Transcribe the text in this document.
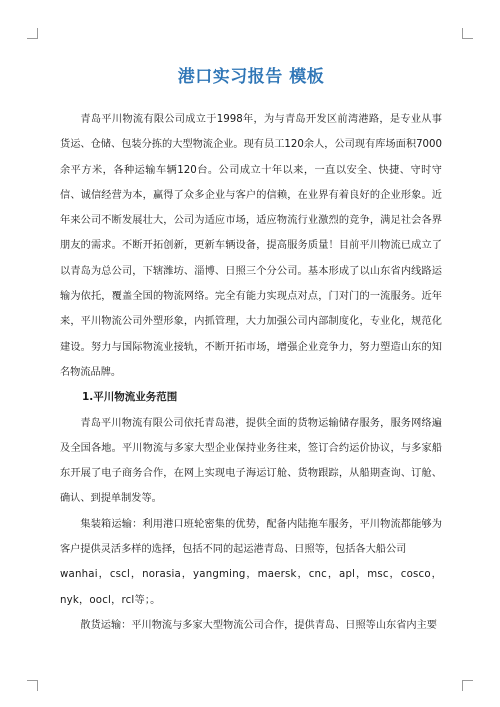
港口实习报告 模板

青岛平川物流有限公司成立于1998年，为与青岛开发区前湾港路，是专业从事货运、仓储、包装分拣的大型物流企业。现有员工120余人，公司现有库场面积7000余平方米，各种运输车辆120台。公司成立十年以来，一直以安全、快捷、守时守信、诚信经营为本，赢得了众多企业与客户的信赖，在业界有着良好的企业形象。近年来公司不断发展壮大，公司为适应市场，适应物流行业激烈的竞争，满足社会各界朋友的需求。不断开拓创新，更新车辆设备，提高服务质量！目前平川物流已成立了以青岛为总公司，下辖潍坊、淄博、日照三个分公司。基本形成了以山东省内线路运输为依托，覆盖全国的物流网络。完全有能力实现点对点，门对门的一流服务。近年来，平川物流公司外塑形象，内抓管理，大力加强公司内部制度化，专业化，规范化建设。努力与国际物流业接轨，不断开拓市场，增强企业竞争力，努力塑造山东的知名物流品牌。

1.平川物流业务范围

青岛平川物流有限公司依托青岛港，提供全面的货物运输储存服务，服务网络遍及全国各地。平川物流与多家大型企业保持业务往来，签订合约运价协议，与多家船东开展了电子商务合作，在网上实现电子海运订舱、货物跟踪，从船期查询、订舱、确认、到提单制发等。

集装箱运输：利用港口班轮密集的优势，配备内陆拖车服务，平川物流都能够为客户提供灵活多样的选择，包括不同的起运港青岛、日照等，包括各大船公司

wanhai，cscl，norasia，yangming，maersk，cnc，apl，msc，cosco，nyk，oocl，rcl等；。

散货运输：平川物流与多家大型物流公司合作，提供青岛、日照等山东省内主要
